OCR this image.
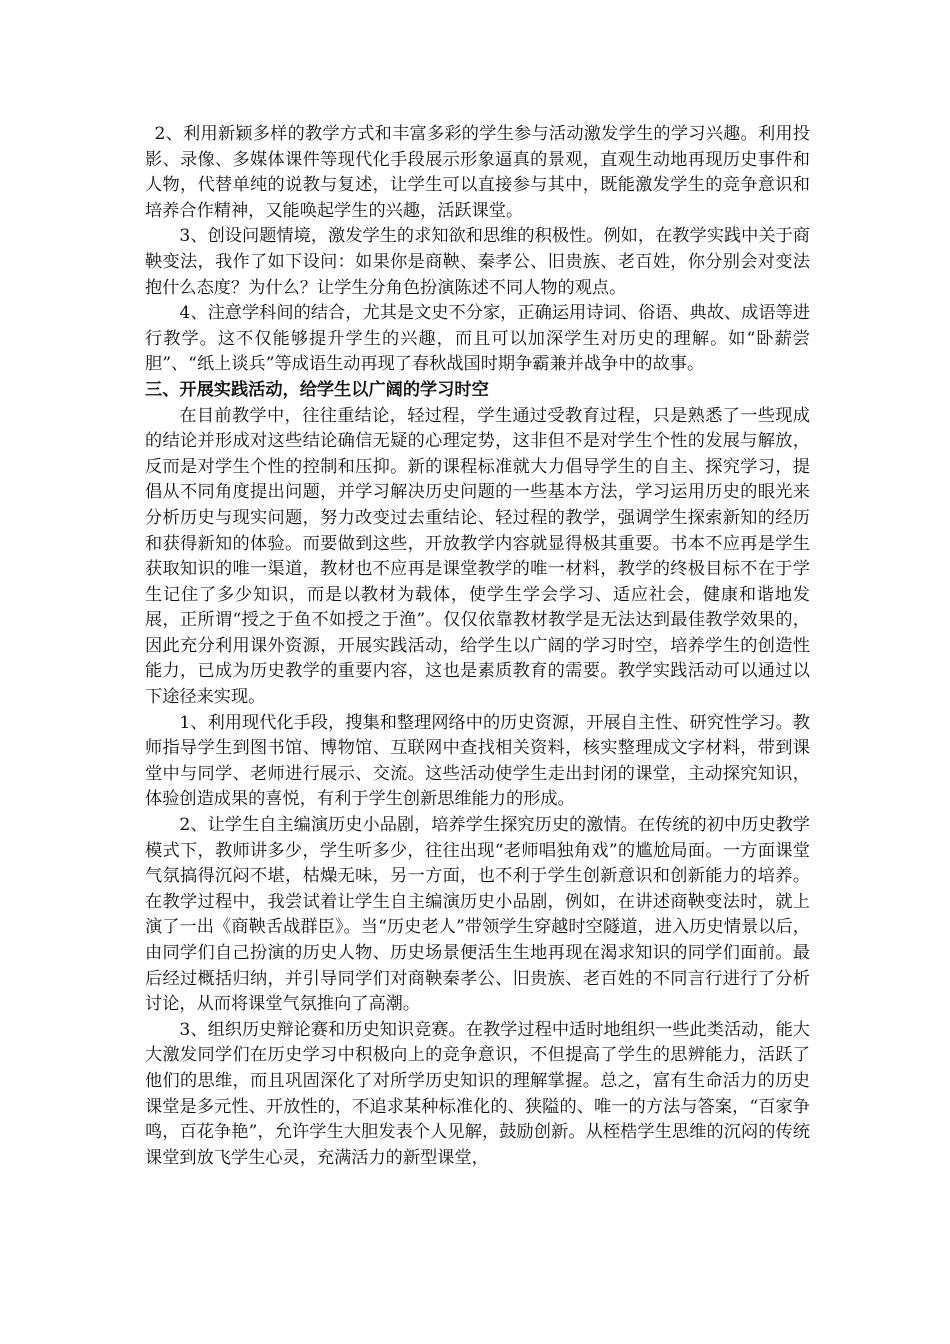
2、利用新颖多样的教学方式和丰富多彩的学生参与活动激发学生的学习兴趣。利用投影、录像、多媒体课件等现代化手段展示形象逼真的景观，直观生动地再现历史事件和人物，代替单纯的说教与复述，让学生可以直接参与其中，既能激发学生的竞争意识和培养合作精神，又能唤起学生的兴趣，活跃课堂。

3、创设问题情境，激发学生的求知欲和思维的积极性。例如，在教学实践中关于商鞅变法，我作了如下设问：如果你是商鞅、秦孝公、旧贵族、老百姓，你分别会对变法抱什么态度？为什么？让学生分角色扮演陈述不同人物的观点。

4、注意学科间的结合，尤其是文史不分家，正确运用诗词、俗语、典故、成语等进行教学。这不仅能够提升学生的兴趣，而且可以加深学生对历史的理解。如“卧薪尝胆”、“纸上谈兵”等成语生动再现了春秋战国时期争霸兼并战争中的故事。

三、开展实践活动，给学生以广阔的学习时空

在目前教学中，往往重结论，轻过程，学生通过受教育过程，只是熟悉了一些现成的结论并形成对这些结论确信无疑的心理定势，这非但不是对学生个性的发展与解放，反而是对学生个性的控制和压抑。新的课程标准就大力倡导学生的自主、探究学习，提倡从不同角度提出问题，并学习解决历史问题的一些基本方法，学习运用历史的眼光来分析历史与现实问题，努力改变过去重结论、轻过程的教学，强调学生探索新知的经历和获得新知的体验。而要做到这些，开放教学内容就显得极其重要。书本不应再是学生获取知识的唯一渠道，教材也不应再是课堂教学的唯一材料，教学的终极目标不在于学生记住了多少知识，而是以教材为载体，使学生学会学习、适应社会，健康和谐地发展，正所谓“授之于鱼不如授之于渔”。仅仅依靠教材教学是无法达到最佳教学效果的，因此充分利用课外资源，开展实践活动，给学生以广阔的学习时空，培养学生的创造性能力，已成为历史教学的重要内容，这也是素质教育的需要。教学实践活动可以通过以下途径来实现。

1、利用现代化手段，搜集和整理网络中的历史资源，开展自主性、研究性学习。教师指导学生到图书馆、博物馆、互联网中查找相关资料，核实整理成文字材料，带到课堂中与同学、老师进行展示、交流。这些活动使学生走出封闭的课堂，主动探究知识，体验创造成果的喜悦，有利于学生创新思维能力的形成。

2、让学生自主编演历史小品剧，培养学生探究历史的激情。在传统的初中历史教学模式下，教师讲多少，学生听多少，往往出现“老师唱独角戏”的尴尬局面。一方面课堂气氛搞得沉闷不堪，枯燥无味，另一方面，也不利于学生创新意识和创新能力的培养。在教学过程中，我尝试着让学生自主编演历史小品剧，例如，在讲述商鞅变法时，就上演了一出《商鞅舌战群臣》。当“历史老人”带领学生穿越时空隧道，进入历史情景以后，由同学们自己扮演的历史人物、历史场景便活生生地再现在渴求知识的同学们面前。最后经过概括归纳，并引导同学们对商鞅秦孝公、旧贵族、老百姓的不同言行进行了分析讨论，从而将课堂气氛推向了高潮。

3、组织历史辩论赛和历史知识竞赛。在教学过程中适时地组织一些此类活动，能大大激发同学们在历史学习中积极向上的竞争意识，不但提高了学生的思辨能力，活跃了他们的思维，而且巩固深化了对所学历史知识的理解掌握。总之，富有生命活力的历史课堂是多元性、开放性的，不追求某种标准化的、狭隘的、唯一的方法与答案，“百家争鸣，百花争艳”，允许学生大胆发表个人见解，鼓励创新。从桎梏学生思维的沉闷的传统课堂到放飞学生心灵，充满活力的新型课堂，
